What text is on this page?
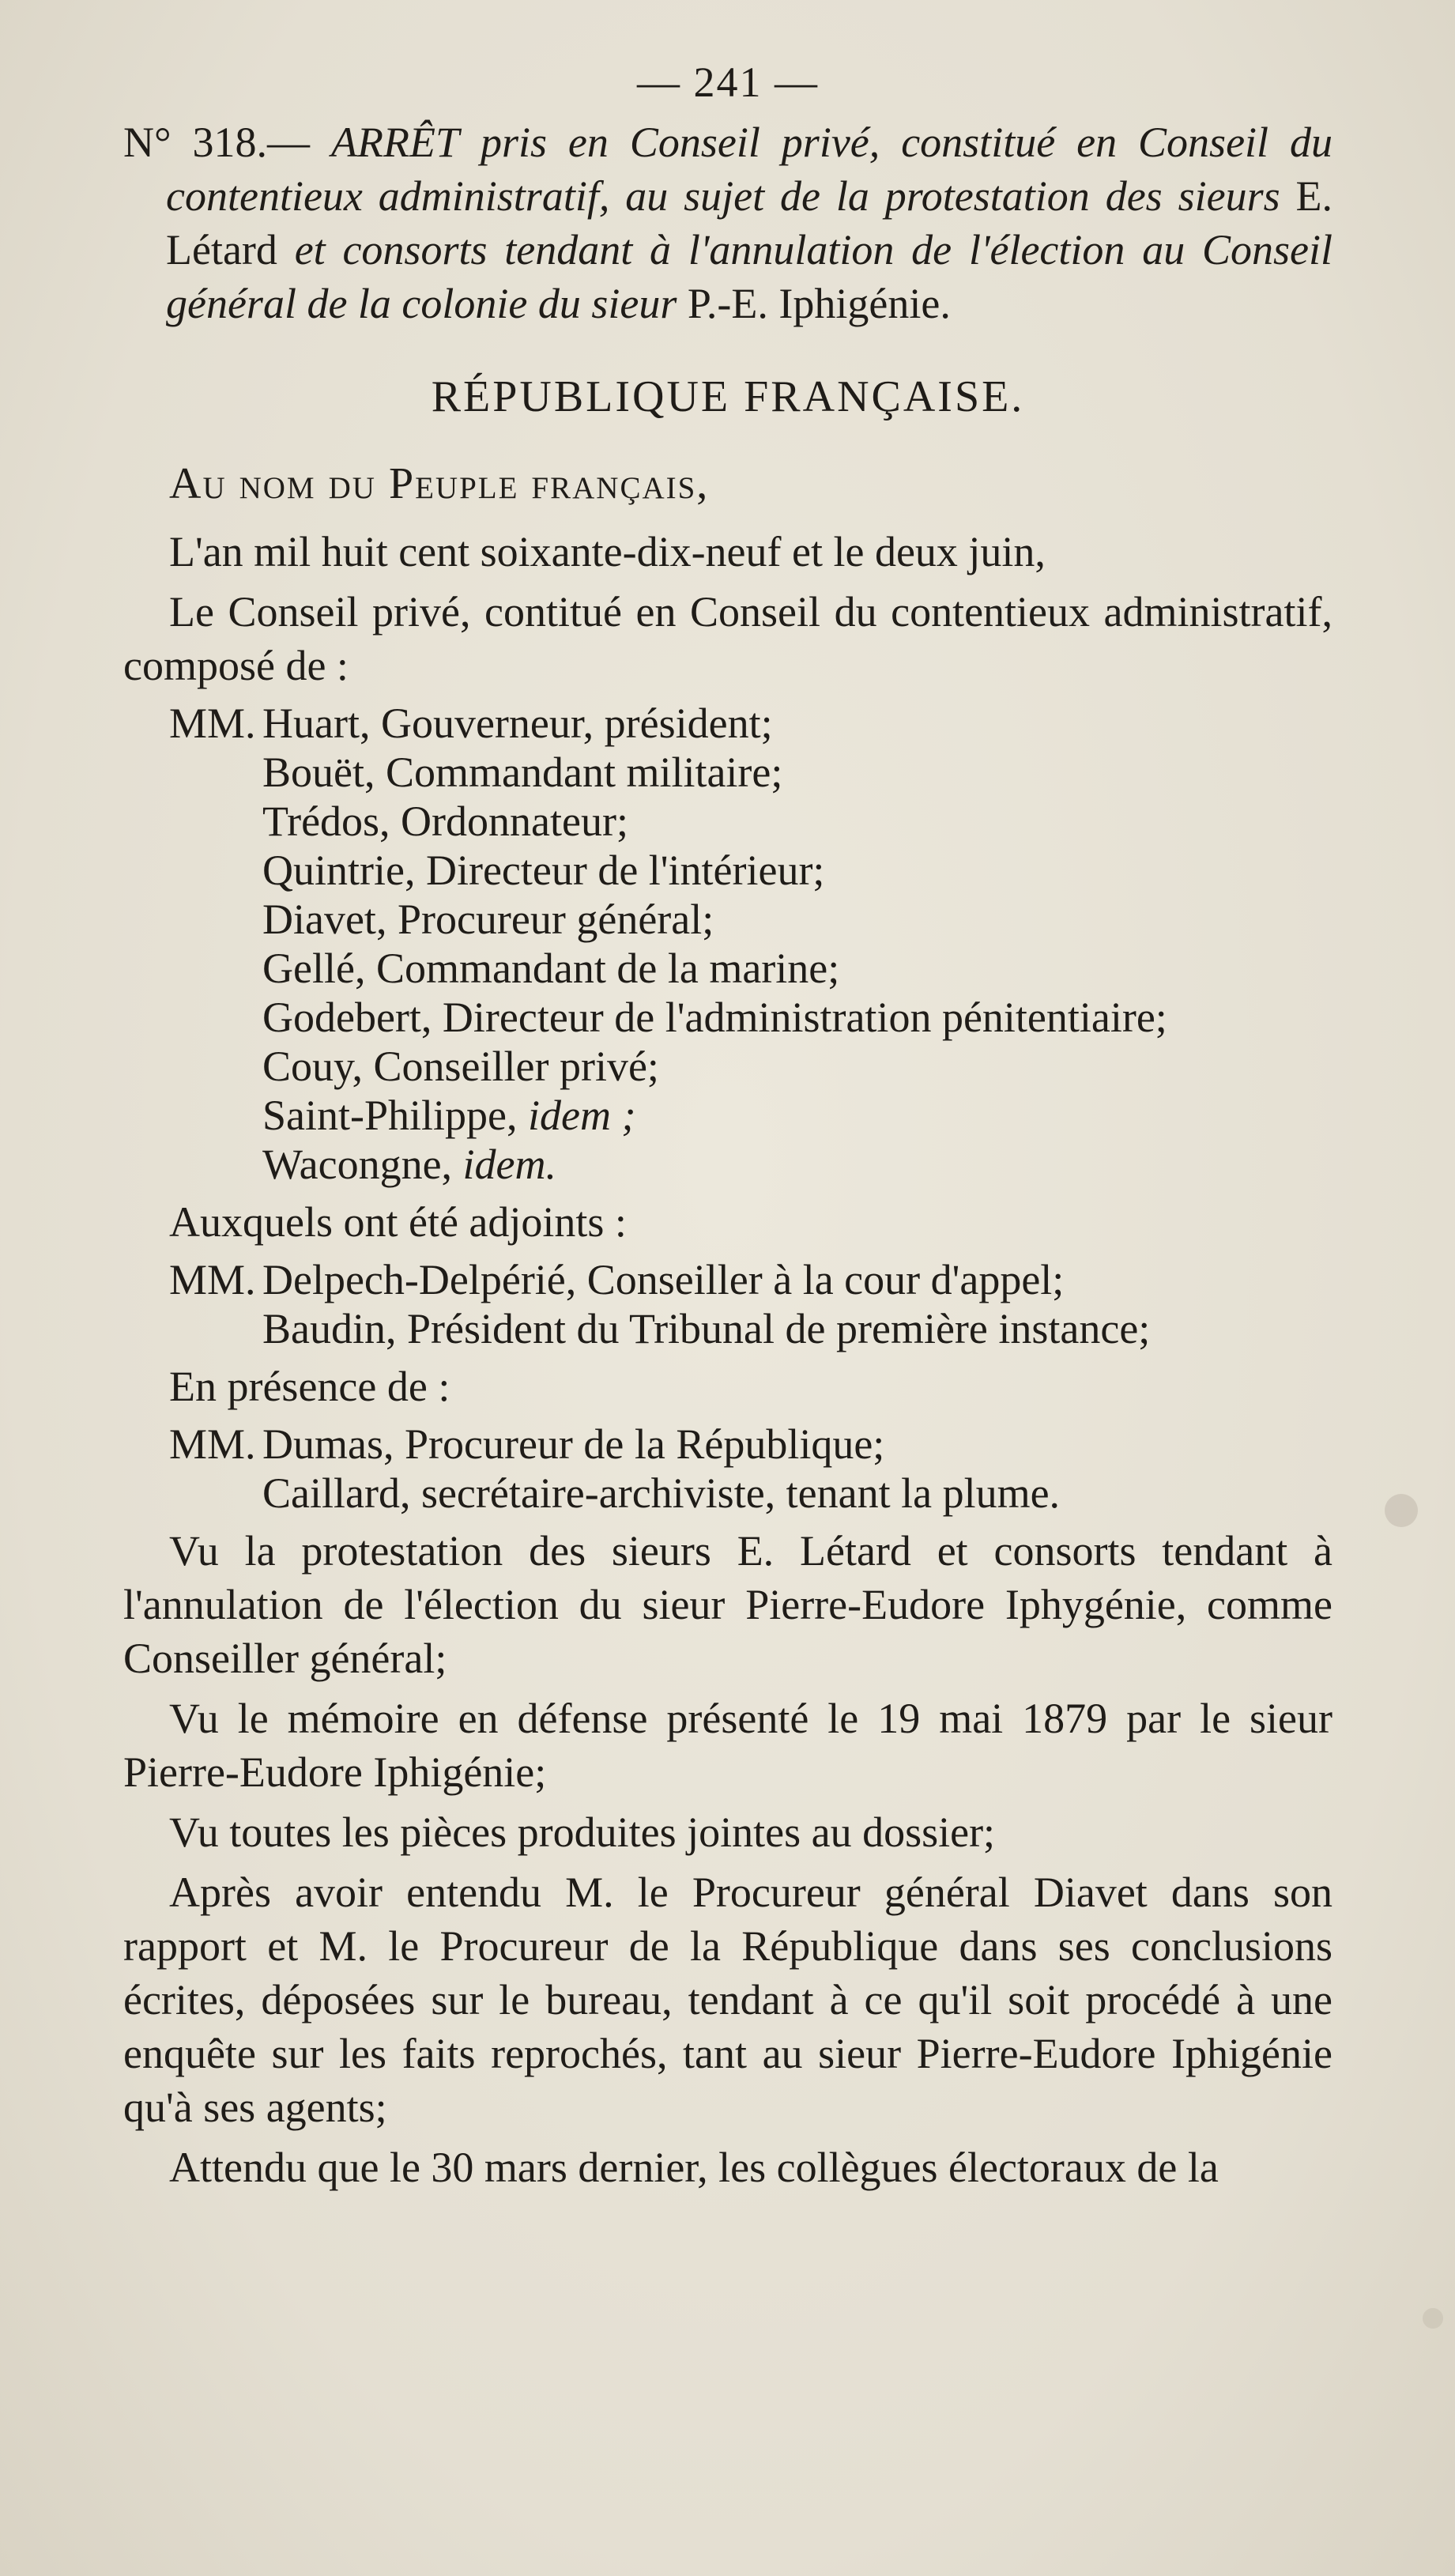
— 241 —

N° 318.— ARRÊT pris en Conseil privé, constitué en Conseil du contentieux administratif, au sujet de la protestation des sieurs E. Létard et consorts tendant à l'annulation de l'élection au Conseil général de la colonie du sieur P.-E. Iphigénie.

RÉPUBLIQUE FRANÇAISE.
Au nom du Peuple français,

L'an mil huit cent soixante-dix-neuf et le deux juin,

Le Conseil privé, contitué en Conseil du contentieux administratif, composé de :

MM. Huart, Gouverneur, président;
Bouët, Commandant militaire;
Trédos, Ordonnateur;
Quintrie, Directeur de l'intérieur;
Diavet, Procureur général;
Gellé, Commandant de la marine;
Godebert, Directeur de l'administration pénitentiaire;
Couy, Conseiller privé;
Saint-Philippe, idem ;
Wacongne, idem.

Auxquels ont été adjoints :

MM. Delpech-Delpérié, Conseiller à la cour d'appel;
Baudin, Président du Tribunal de première instance;

En présence de :

MM. Dumas, Procureur de la République;
Caillard, secrétaire-archiviste, tenant la plume.

Vu la protestation des sieurs E. Létard et consorts tendant à l'annulation de l'élection du sieur Pierre-Eudore Iphygénie, comme Conseiller général;

Vu le mémoire en défense présenté le 19 mai 1879 par le sieur Pierre-Eudore Iphigénie;

Vu toutes les pièces produites jointes au dossier;

Après avoir entendu M. le Procureur général Diavet dans son rapport et M. le Procureur de la République dans ses conclusions écrites, déposées sur le bureau, tendant à ce qu'il soit procédé à une enquête sur les faits reprochés, tant au sieur Pierre-Eudore Iphigénie qu'à ses agents;

Attendu que le 30 mars dernier, les collègues électoraux de la
